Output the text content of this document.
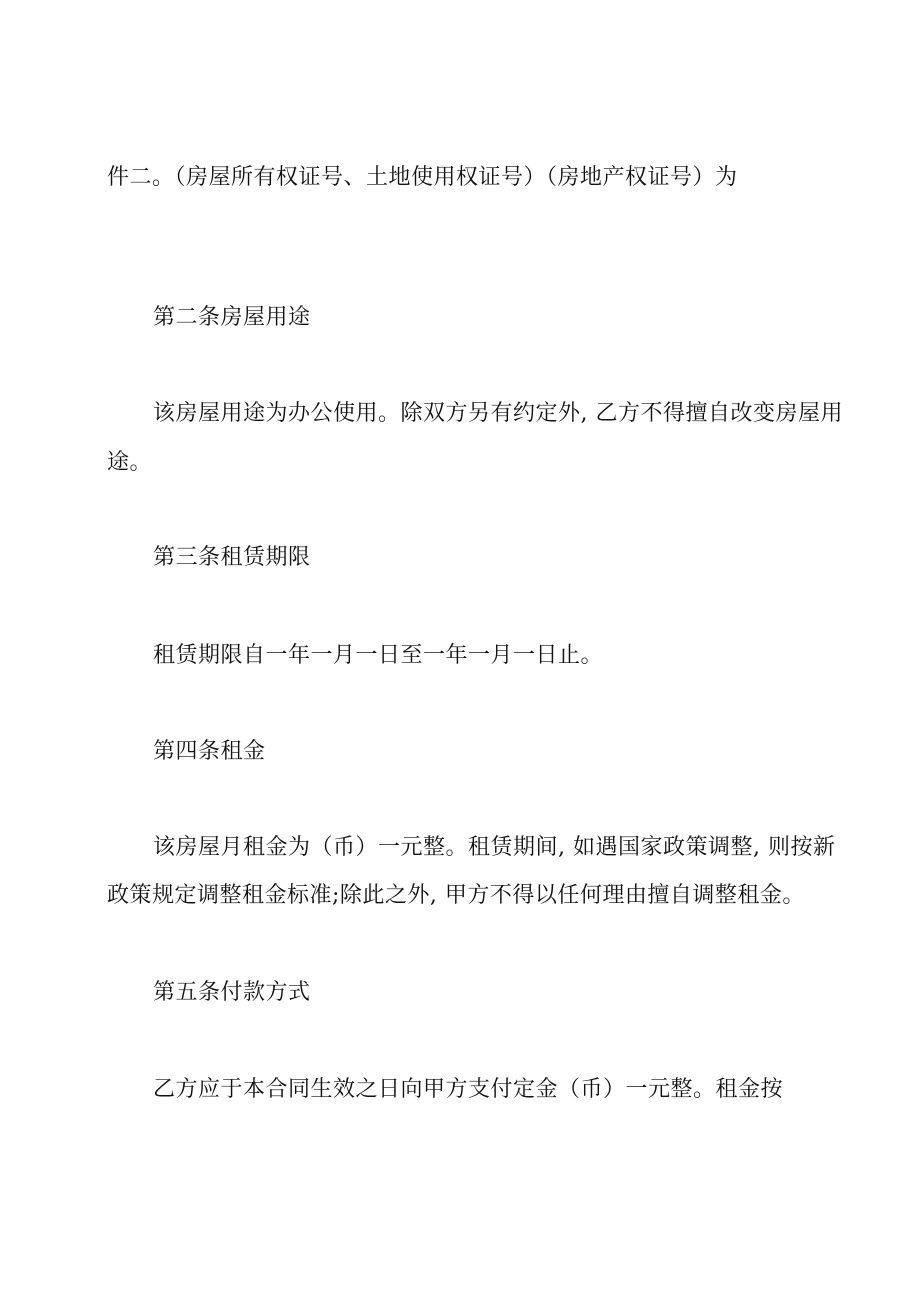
件二。（房屋所有权证号、土地使用权证号）（房地产权证号）为

第二条房屋用途

该房屋用途为办公使用。除双方另有约定外, 乙方不得擅自改变房屋用

途。

第三条租赁期限

租赁期限自一年一月一日至一年一月一日止。

第四条租金

该房屋月租金为（币）一元整。租赁期间, 如遇国家政策调整, 则按新

政策规定调整租金标准;除此之外, 甲方不得以任何理由擅自调整租金。

第五条付款方式

乙方应于本合同生效之日向甲方支付定金（币）一元整。租金按
